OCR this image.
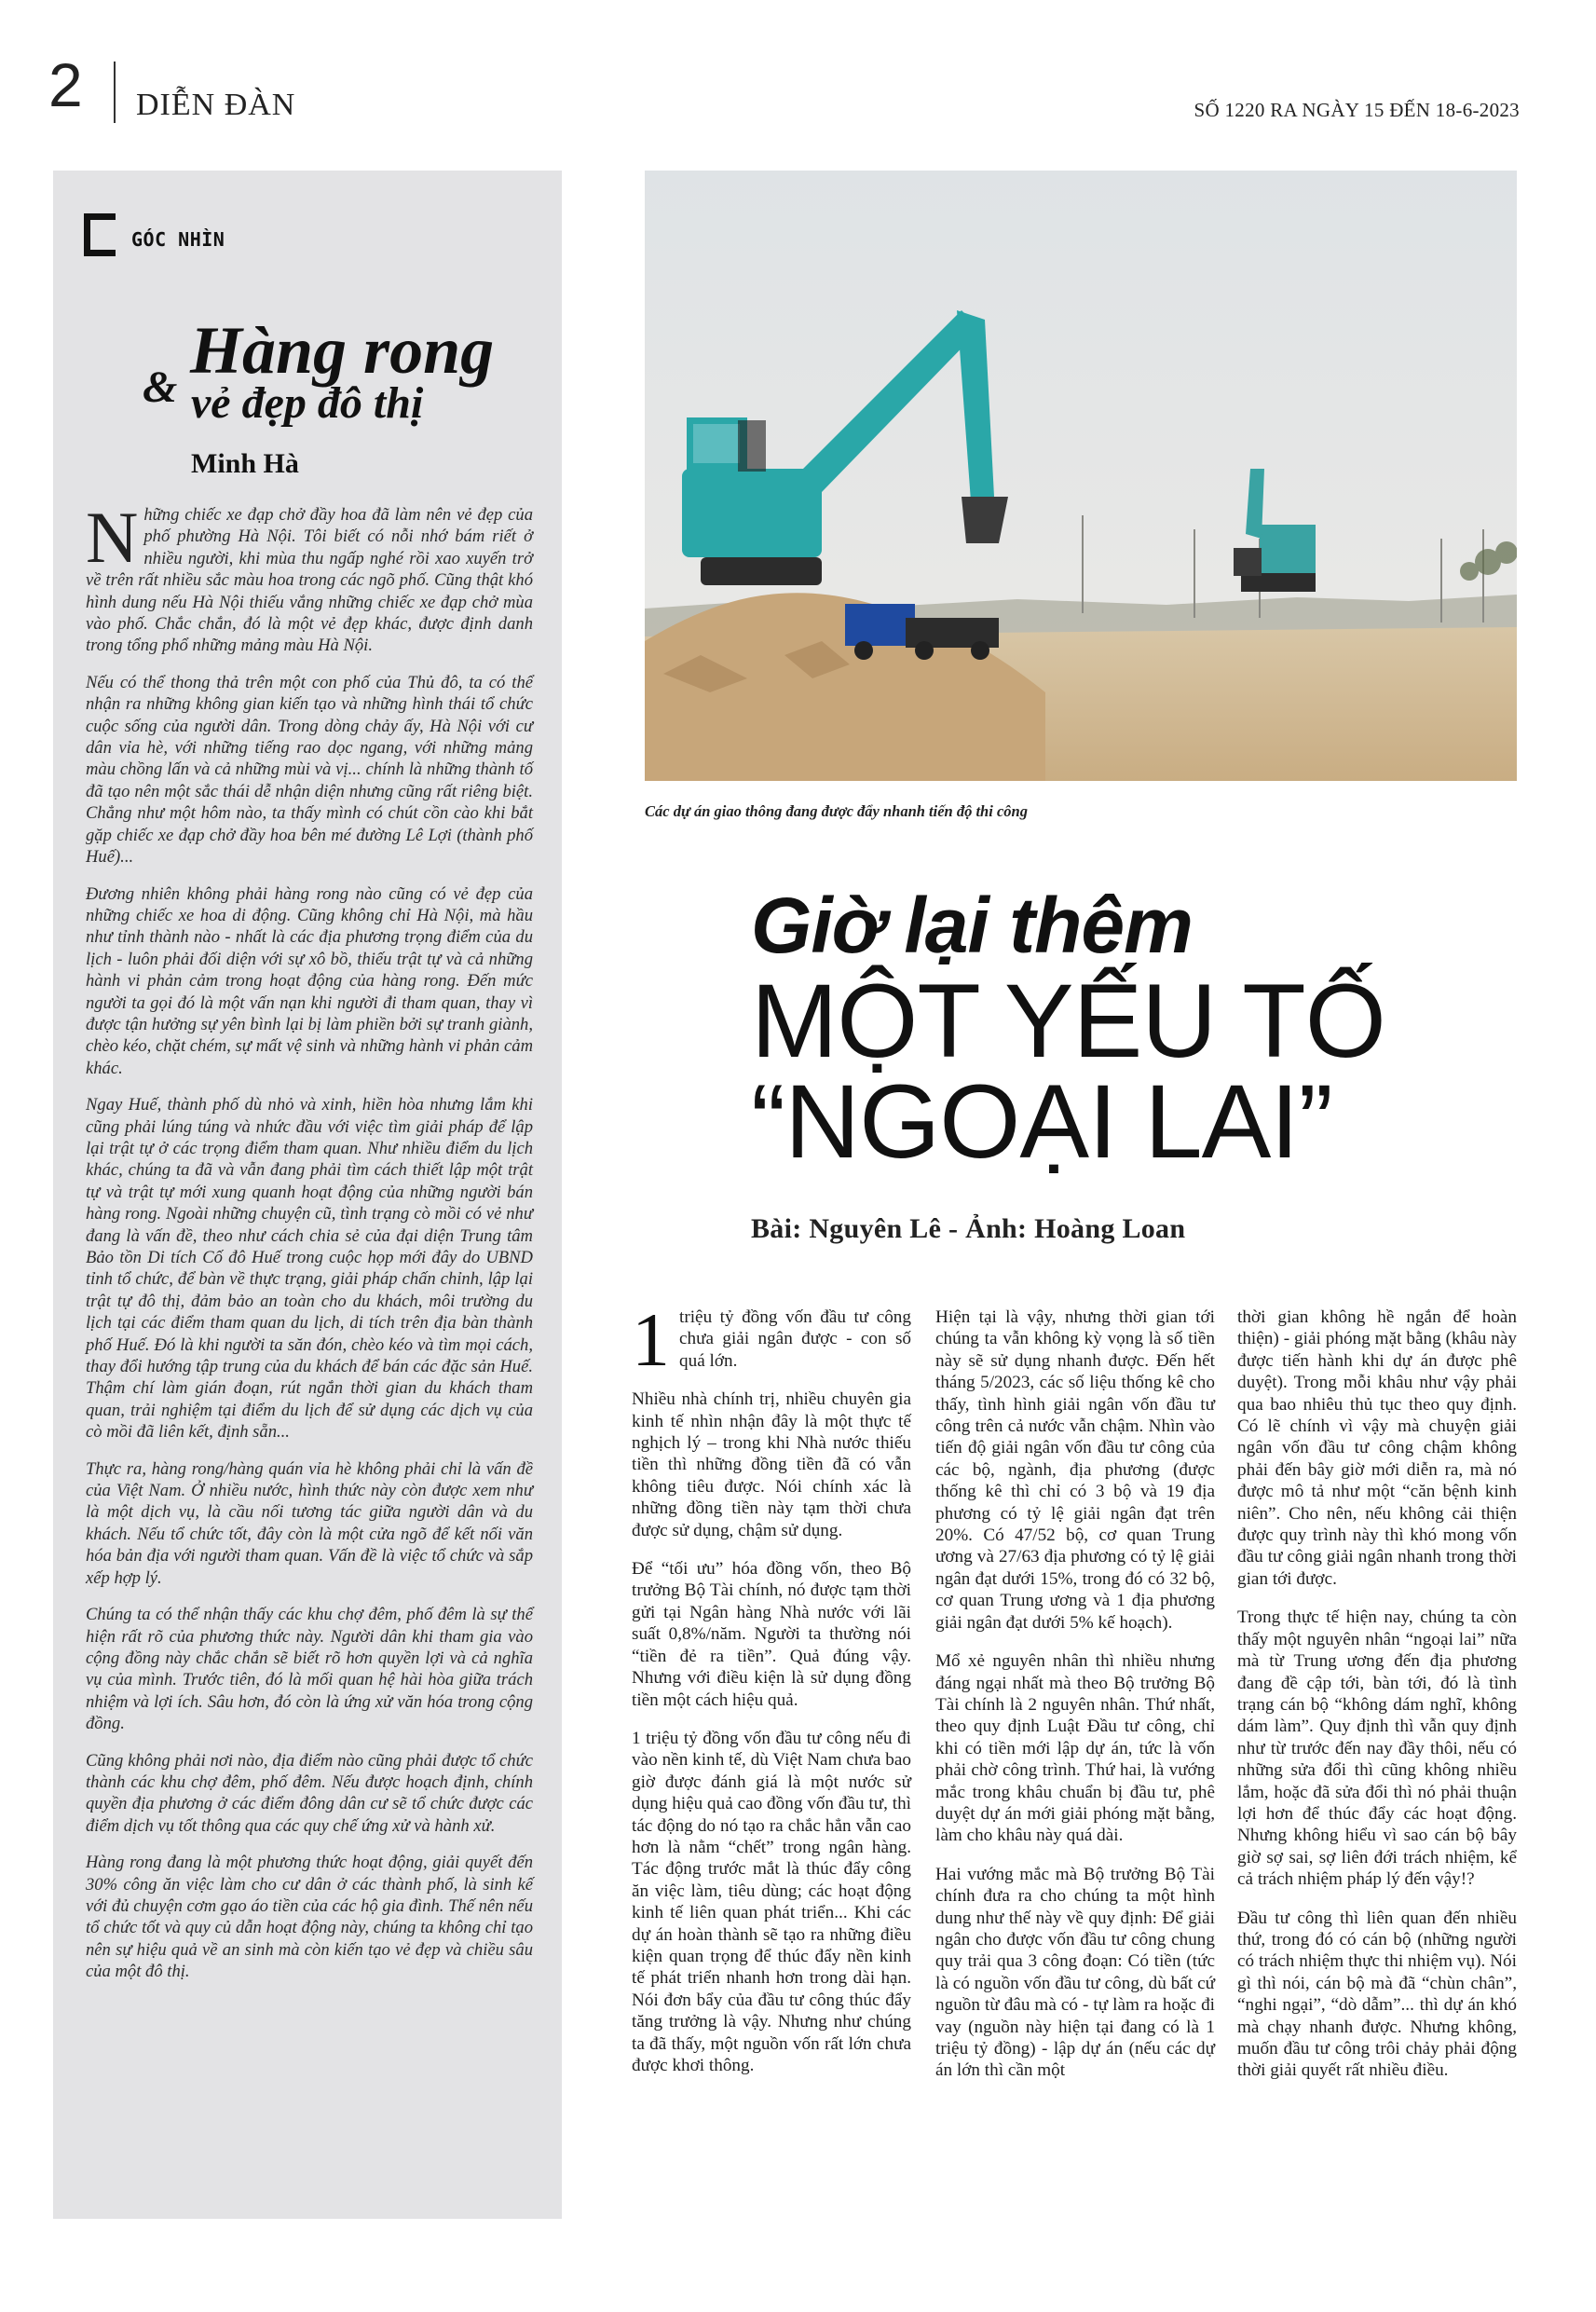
2 DIỄN ĐÀN	SỐ 1220 RA NGÀY 15 ĐẾN 18-6-2023
GÓC NHÌN
Hàng rong
& vẻ đẹp đô thị
Minh Hà

Những chiếc xe đạp chở đầy hoa đã làm nên vẻ đẹp của phố phường Hà Nội. Tôi biết có nỗi nhớ bám riết ở nhiều người, khi mùa thu ngấp nghé rồi xao xuyến trở về trên rất nhiều sắc màu hoa trong các ngõ phố. Cũng thật khó hình dung nếu Hà Nội thiếu vắng những chiếc xe đạp chở mùa vào phố. Chắc chắn, đó là một vẻ đẹp khác, được định danh trong tổng phổ những mảng màu Hà Nội.

Nếu có thể thong thả trên một con phố của Thủ đô, ta có thể nhận ra những không gian kiến tạo và những hình thái tổ chức cuộc sống của người dân. Trong dòng chảy ấy, Hà Nội với cư dân vỉa hè, với những tiếng rao dọc ngang, với những mảng màu chồng lấn và cả những mùi và vị... chính là những thành tố đã tạo nên một sắc thái dễ nhận diện nhưng cũng rất riêng biệt. Chẳng như một hôm nào, ta thấy mình có chút cồn cào khi bắt gặp chiếc xe đạp chở đầy hoa bên mé đường Lê Lợi (thành phố Huế)...

Đương nhiên không phải hàng rong nào cũng có vẻ đẹp của những chiếc xe hoa di động. Cũng không chỉ Hà Nội, mà hầu như tỉnh thành nào - nhất là các địa phương trọng điểm của du lịch - luôn phải đối diện với sự xô bồ, thiếu trật tự và cả những hành vi phản cảm trong hoạt động của hàng rong. Đến mức người ta gọi đó là một vấn nạn khi người đi tham quan, thay vì được tận hưởng sự yên bình lại bị làm phiền bởi sự tranh giành, chèo kéo, chặt chém, sự mất vệ sinh và những hành vi phản cảm khác.

Ngay Huế, thành phố dù nhỏ và xinh, hiền hòa nhưng lắm khi cũng phải lúng túng và nhức đầu với việc tìm giải pháp để lập lại trật tự ở các trọng điểm tham quan. Như nhiều điểm du lịch khác, chúng ta đã và vẫn đang phải tìm cách thiết lập một trật tự và trật tự mới xung quanh hoạt động của những người bán hàng rong. Ngoài những chuyện cũ, tình trạng cò mồi có vẻ như đang là vấn đề, theo như cách chia sẻ của đại diện Trung tâm Bảo tồn Di tích Cố đô Huế trong cuộc họp mới đây do UBND tỉnh tổ chức, để bàn về thực trạng, giải pháp chấn chỉnh, lập lại trật tự đô thị, đảm bảo an toàn cho du khách, môi trường du lịch tại các điểm tham quan du lịch, di tích trên địa bàn thành phố Huế. Đó là khi người ta săn đón, chèo kéo và tìm mọi cách, thay đổi hướng tập trung của du khách để bán các đặc sản Huế. Thậm chí làm gián đoạn, rút ngắn thời gian du khách tham quan, trải nghiệm tại điểm du lịch để sử dụng các dịch vụ của cò mồi đã liên kết, định sẵn...

Thực ra, hàng rong/hàng quán vỉa hè không phải chỉ là vấn đề của Việt Nam. Ở nhiều nước, hình thức này còn được xem như là một dịch vụ, là cầu nối tương tác giữa người dân và du khách. Nếu tổ chức tốt, đây còn là một cửa ngõ để kết nối văn hóa bản địa với người tham quan. Vấn đề là việc tổ chức và sắp xếp hợp lý.

Chúng ta có thể nhận thấy các khu chợ đêm, phố đêm là sự thể hiện rất rõ của phương thức này. Người dân khi tham gia vào cộng đồng này chắc chắn sẽ biết rõ hơn quyền lợi và cả nghĩa vụ của mình. Trước tiên, đó là mối quan hệ hài hòa giữa trách nhiệm và lợi ích. Sâu hơn, đó còn là ứng xử văn hóa trong cộng đồng.

Cũng không phải nơi nào, địa điểm nào cũng phải được tổ chức thành các khu chợ đêm, phố đêm. Nếu được hoạch định, chính quyền địa phương ở các điểm đông dân cư sẽ tổ chức được các điểm dịch vụ tốt thông qua các quy chế ứng xử và hành xử.

Hàng rong đang là một phương thức hoạt động, giải quyết đến 30% công ăn việc làm cho cư dân ở các thành phố, là sinh kế với đủ chuyện cơm gạo áo tiền của các hộ gia đình. Thế nên nếu tổ chức tốt và quy củ dẫn hoạt động này, chúng ta không chỉ tạo nên sự hiệu quả về an sinh mà còn kiến tạo vẻ đẹp và chiều sâu của một đô thị.

Các dự án giao thông đang được đẩy nhanh tiến độ thi công
Giờ lại thêm
MỘT YẾU TỐ
“NGOẠI LAI”
Bài: Nguyên Lê - Ảnh: Hoàng Loan

1 triệu tỷ đồng vốn đầu tư công chưa giải ngân được - con số quá lớn.

Nhiều nhà chính trị, nhiều chuyên gia kinh tế nhìn nhận đây là một thực tế nghịch lý – trong khi Nhà nước thiếu tiền thì những đồng tiền đã có vẫn không tiêu được. Nói chính xác là những đồng tiền này tạm thời chưa được sử dụng, chậm sử dụng.

Để “tối ưu” hóa đồng vốn, theo Bộ trưởng Bộ Tài chính, nó được tạm thời gửi tại Ngân hàng Nhà nước với lãi suất 0,8%/năm. Người ta thường nói “tiền đẻ ra tiền”. Quả đúng vậy. Nhưng với điều kiện là sử dụng đồng tiền một cách hiệu quả.

1 triệu tỷ đồng vốn đầu tư công nếu đi vào nền kinh tế, dù Việt Nam chưa bao giờ được đánh giá là một nước sử dụng hiệu quả cao đồng vốn đầu tư, thì tác động do nó tạo ra chắc hẳn vẫn cao hơn là nằm “chết” trong ngân hàng. Tác động trước mắt là thúc đẩy công ăn việc làm, tiêu dùng; các hoạt động kinh tế liên quan phát triển... Khi các dự án hoàn thành sẽ tạo ra những điều kiện quan trọng để thúc đẩy nền kinh tế phát triển nhanh hơn trong dài hạn. Nói đơn bẩy của đầu tư công thúc đẩy tăng trưởng là vậy. Nhưng như chúng ta đã thấy, một nguồn vốn rất lớn chưa được khơi thông.

Hiện tại là vậy, nhưng thời gian tới chúng ta vẫn không kỳ vọng là số tiền này sẽ sử dụng nhanh được. Đến hết tháng 5/2023, các số liệu thống kê cho thấy, tình hình giải ngân vốn đầu tư công trên cả nước vẫn chậm. Nhìn vào tiến độ giải ngân vốn đầu tư công của các bộ, ngành, địa phương (được thống kê thì chỉ có 3 bộ và 19 địa phương có tỷ lệ giải ngân đạt trên 20%. Có 47/52 bộ, cơ quan Trung ương và 27/63 địa phương có tỷ lệ giải ngân đạt dưới 15%, trong đó có 32 bộ, cơ quan Trung ương và 1 địa phương giải ngân đạt dưới 5% kế hoạch).

Mổ xẻ nguyên nhân thì nhiều nhưng đáng ngại nhất mà theo Bộ trưởng Bộ Tài chính là 2 nguyên nhân. Thứ nhất, theo quy định Luật Đầu tư công, chỉ khi có tiền mới lập dự án, tức là vốn phải chờ công trình. Thứ hai, là vướng mắc trong khâu chuẩn bị đầu tư, phê duyệt dự án mới giải phóng mặt bằng, làm cho khâu này quá dài.

Hai vướng mắc mà Bộ trưởng Bộ Tài chính đưa ra cho chúng ta một hình dung như thế này về quy định: Để giải ngân cho được vốn đầu tư công chung quy trải qua 3 công đoạn: Có tiền (tức là có nguồn vốn đầu tư công, dù bất cứ nguồn từ đâu mà có - tự làm ra hoặc đi vay (nguồn này hiện tại đang có là 1 triệu tỷ đồng) - lập dự án (nếu các dự án lớn thì cần một

thời gian không hề ngắn để hoàn thiện) - giải phóng mặt bằng (khâu này được tiến hành khi dự án được phê duyệt). Trong mỗi khâu như vậy phải qua bao nhiêu thủ tục theo quy định. Có lẽ chính vì vậy mà chuyện giải ngân vốn đầu tư công chậm không phải đến bây giờ mới diễn ra, mà nó được mô tả như một “căn bệnh kinh niên”. Cho nên, nếu không cải thiện được quy trình này thì khó mong vốn đầu tư công giải ngân nhanh trong thời gian tới được.

Trong thực tế hiện nay, chúng ta còn thấy một nguyên nhân “ngoại lai” nữa mà từ Trung ương đến địa phương đang đề cập tới, bàn tới, đó là tình trạng cán bộ “không dám nghĩ, không dám làm”. Quy định thì vẫn quy định như từ trước đến nay đầy thôi, nếu có những sửa đổi thì cũng không nhiều lắm, hoặc đã sửa đổi thì nó phải thuận lợi hơn để thúc đẩy các hoạt động. Nhưng không hiểu vì sao cán bộ bây giờ sợ sai, sợ liên đới trách nhiệm, kể cả trách nhiệm pháp lý đến vậy!?

Đầu tư công thì liên quan đến nhiều thứ, trong đó có cán bộ (những người có trách nhiệm thực thi nhiệm vụ). Nói gì thì nói, cán bộ mà đã “chùn chân”, “nghi ngại”, “dò dẫm”... thì dự án khó mà chạy nhanh được. Nhưng không, muốn đầu tư công trôi chảy phải động thời giải quyết rất nhiều điều.
